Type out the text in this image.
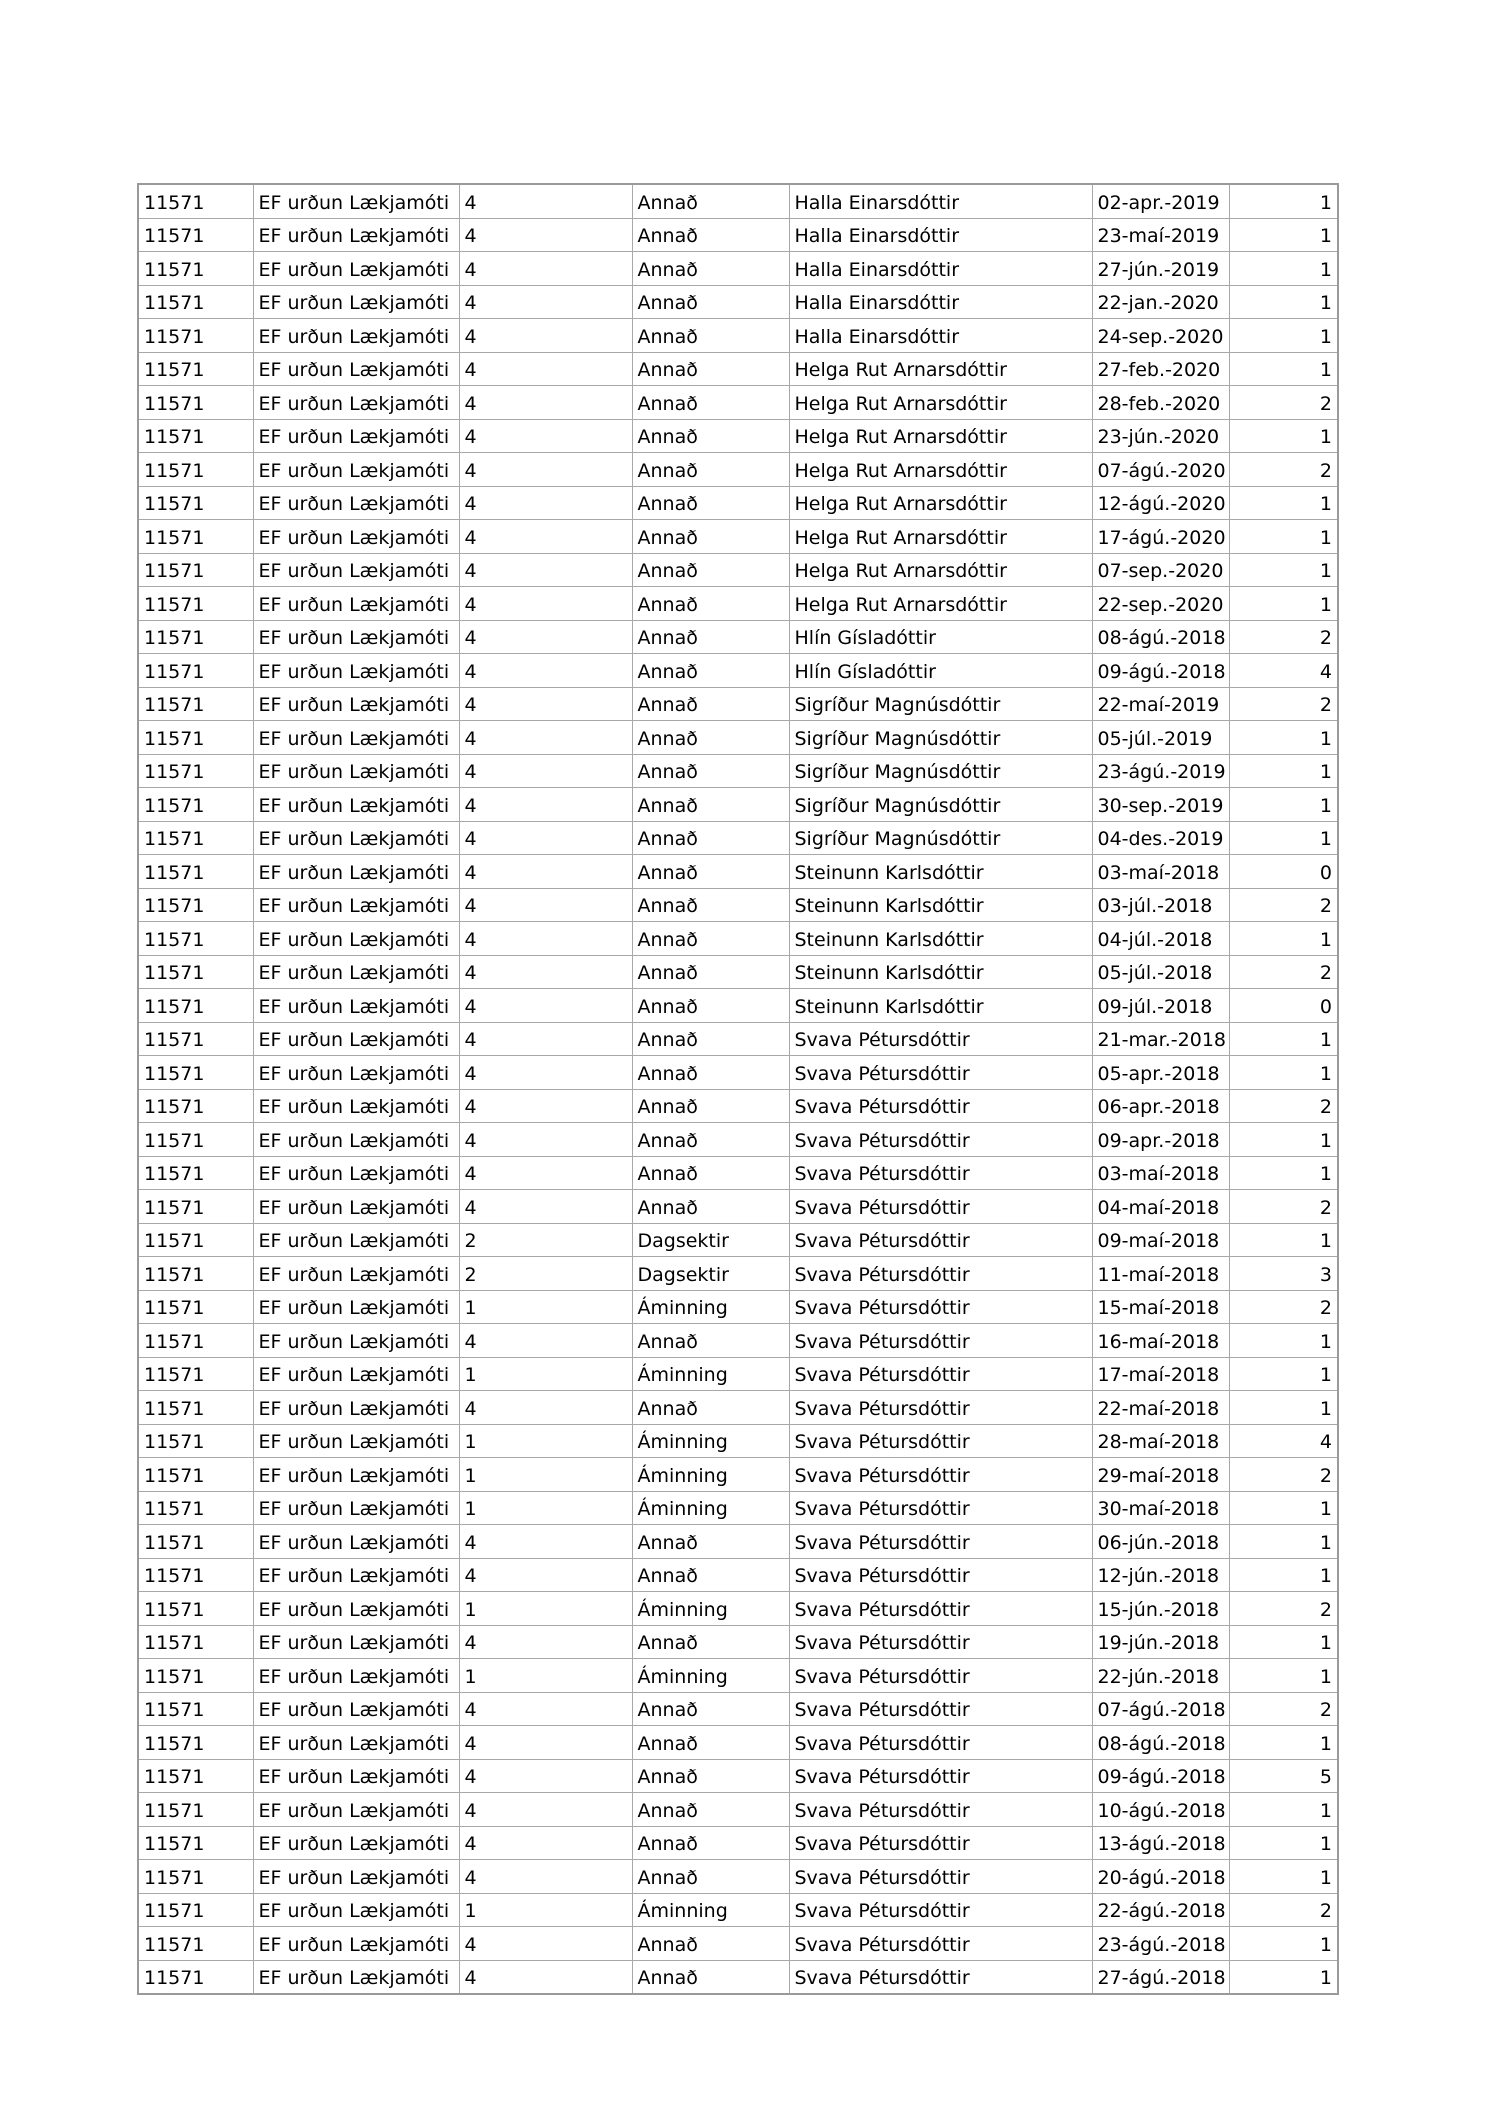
11571	EF urðun Lækjamóti	4	Annað	Halla Einarsdóttir	02-apr.-2019	1
11571	EF urðun Lækjamóti	4	Annað	Halla Einarsdóttir	23-maí-2019	1
11571	EF urðun Lækjamóti	4	Annað	Halla Einarsdóttir	27-jún.-2019	1
11571	EF urðun Lækjamóti	4	Annað	Halla Einarsdóttir	22-jan.-2020	1
11571	EF urðun Lækjamóti	4	Annað	Halla Einarsdóttir	24-sep.-2020	1
11571	EF urðun Lækjamóti	4	Annað	Helga Rut Arnarsdóttir	27-feb.-2020	1
11571	EF urðun Lækjamóti	4	Annað	Helga Rut Arnarsdóttir	28-feb.-2020	2
11571	EF urðun Lækjamóti	4	Annað	Helga Rut Arnarsdóttir	23-jún.-2020	1
11571	EF urðun Lækjamóti	4	Annað	Helga Rut Arnarsdóttir	07-ágú.-2020	2
11571	EF urðun Lækjamóti	4	Annað	Helga Rut Arnarsdóttir	12-ágú.-2020	1
11571	EF urðun Lækjamóti	4	Annað	Helga Rut Arnarsdóttir	17-ágú.-2020	1
11571	EF urðun Lækjamóti	4	Annað	Helga Rut Arnarsdóttir	07-sep.-2020	1
11571	EF urðun Lækjamóti	4	Annað	Helga Rut Arnarsdóttir	22-sep.-2020	1
11571	EF urðun Lækjamóti	4	Annað	Hlín Gísladóttir	08-ágú.-2018	2
11571	EF urðun Lækjamóti	4	Annað	Hlín Gísladóttir	09-ágú.-2018	4
11571	EF urðun Lækjamóti	4	Annað	Sigríður Magnúsdóttir	22-maí-2019	2
11571	EF urðun Lækjamóti	4	Annað	Sigríður Magnúsdóttir	05-júl.-2019	1
11571	EF urðun Lækjamóti	4	Annað	Sigríður Magnúsdóttir	23-ágú.-2019	1
11571	EF urðun Lækjamóti	4	Annað	Sigríður Magnúsdóttir	30-sep.-2019	1
11571	EF urðun Lækjamóti	4	Annað	Sigríður Magnúsdóttir	04-des.-2019	1
11571	EF urðun Lækjamóti	4	Annað	Steinunn Karlsdóttir	03-maí-2018	0
11571	EF urðun Lækjamóti	4	Annað	Steinunn Karlsdóttir	03-júl.-2018	2
11571	EF urðun Lækjamóti	4	Annað	Steinunn Karlsdóttir	04-júl.-2018	1
11571	EF urðun Lækjamóti	4	Annað	Steinunn Karlsdóttir	05-júl.-2018	2
11571	EF urðun Lækjamóti	4	Annað	Steinunn Karlsdóttir	09-júl.-2018	0
11571	EF urðun Lækjamóti	4	Annað	Svava Pétursdóttir	21-mar.-2018	1
11571	EF urðun Lækjamóti	4	Annað	Svava Pétursdóttir	05-apr.-2018	1
11571	EF urðun Lækjamóti	4	Annað	Svava Pétursdóttir	06-apr.-2018	2
11571	EF urðun Lækjamóti	4	Annað	Svava Pétursdóttir	09-apr.-2018	1
11571	EF urðun Lækjamóti	4	Annað	Svava Pétursdóttir	03-maí-2018	1
11571	EF urðun Lækjamóti	4	Annað	Svava Pétursdóttir	04-maí-2018	2
11571	EF urðun Lækjamóti	2	Dagsektir	Svava Pétursdóttir	09-maí-2018	1
11571	EF urðun Lækjamóti	2	Dagsektir	Svava Pétursdóttir	11-maí-2018	3
11571	EF urðun Lækjamóti	1	Áminning	Svava Pétursdóttir	15-maí-2018	2
11571	EF urðun Lækjamóti	4	Annað	Svava Pétursdóttir	16-maí-2018	1
11571	EF urðun Lækjamóti	1	Áminning	Svava Pétursdóttir	17-maí-2018	1
11571	EF urðun Lækjamóti	4	Annað	Svava Pétursdóttir	22-maí-2018	1
11571	EF urðun Lækjamóti	1	Áminning	Svava Pétursdóttir	28-maí-2018	4
11571	EF urðun Lækjamóti	1	Áminning	Svava Pétursdóttir	29-maí-2018	2
11571	EF urðun Lækjamóti	1	Áminning	Svava Pétursdóttir	30-maí-2018	1
11571	EF urðun Lækjamóti	4	Annað	Svava Pétursdóttir	06-jún.-2018	1
11571	EF urðun Lækjamóti	4	Annað	Svava Pétursdóttir	12-jún.-2018	1
11571	EF urðun Lækjamóti	1	Áminning	Svava Pétursdóttir	15-jún.-2018	2
11571	EF urðun Lækjamóti	4	Annað	Svava Pétursdóttir	19-jún.-2018	1
11571	EF urðun Lækjamóti	1	Áminning	Svava Pétursdóttir	22-jún.-2018	1
11571	EF urðun Lækjamóti	4	Annað	Svava Pétursdóttir	07-ágú.-2018	2
11571	EF urðun Lækjamóti	4	Annað	Svava Pétursdóttir	08-ágú.-2018	1
11571	EF urðun Lækjamóti	4	Annað	Svava Pétursdóttir	09-ágú.-2018	5
11571	EF urðun Lækjamóti	4	Annað	Svava Pétursdóttir	10-ágú.-2018	1
11571	EF urðun Lækjamóti	4	Annað	Svava Pétursdóttir	13-ágú.-2018	1
11571	EF urðun Lækjamóti	4	Annað	Svava Pétursdóttir	20-ágú.-2018	1
11571	EF urðun Lækjamóti	1	Áminning	Svava Pétursdóttir	22-ágú.-2018	2
11571	EF urðun Lækjamóti	4	Annað	Svava Pétursdóttir	23-ágú.-2018	1
11571	EF urðun Lækjamóti	4	Annað	Svava Pétursdóttir	27-ágú.-2018	1
